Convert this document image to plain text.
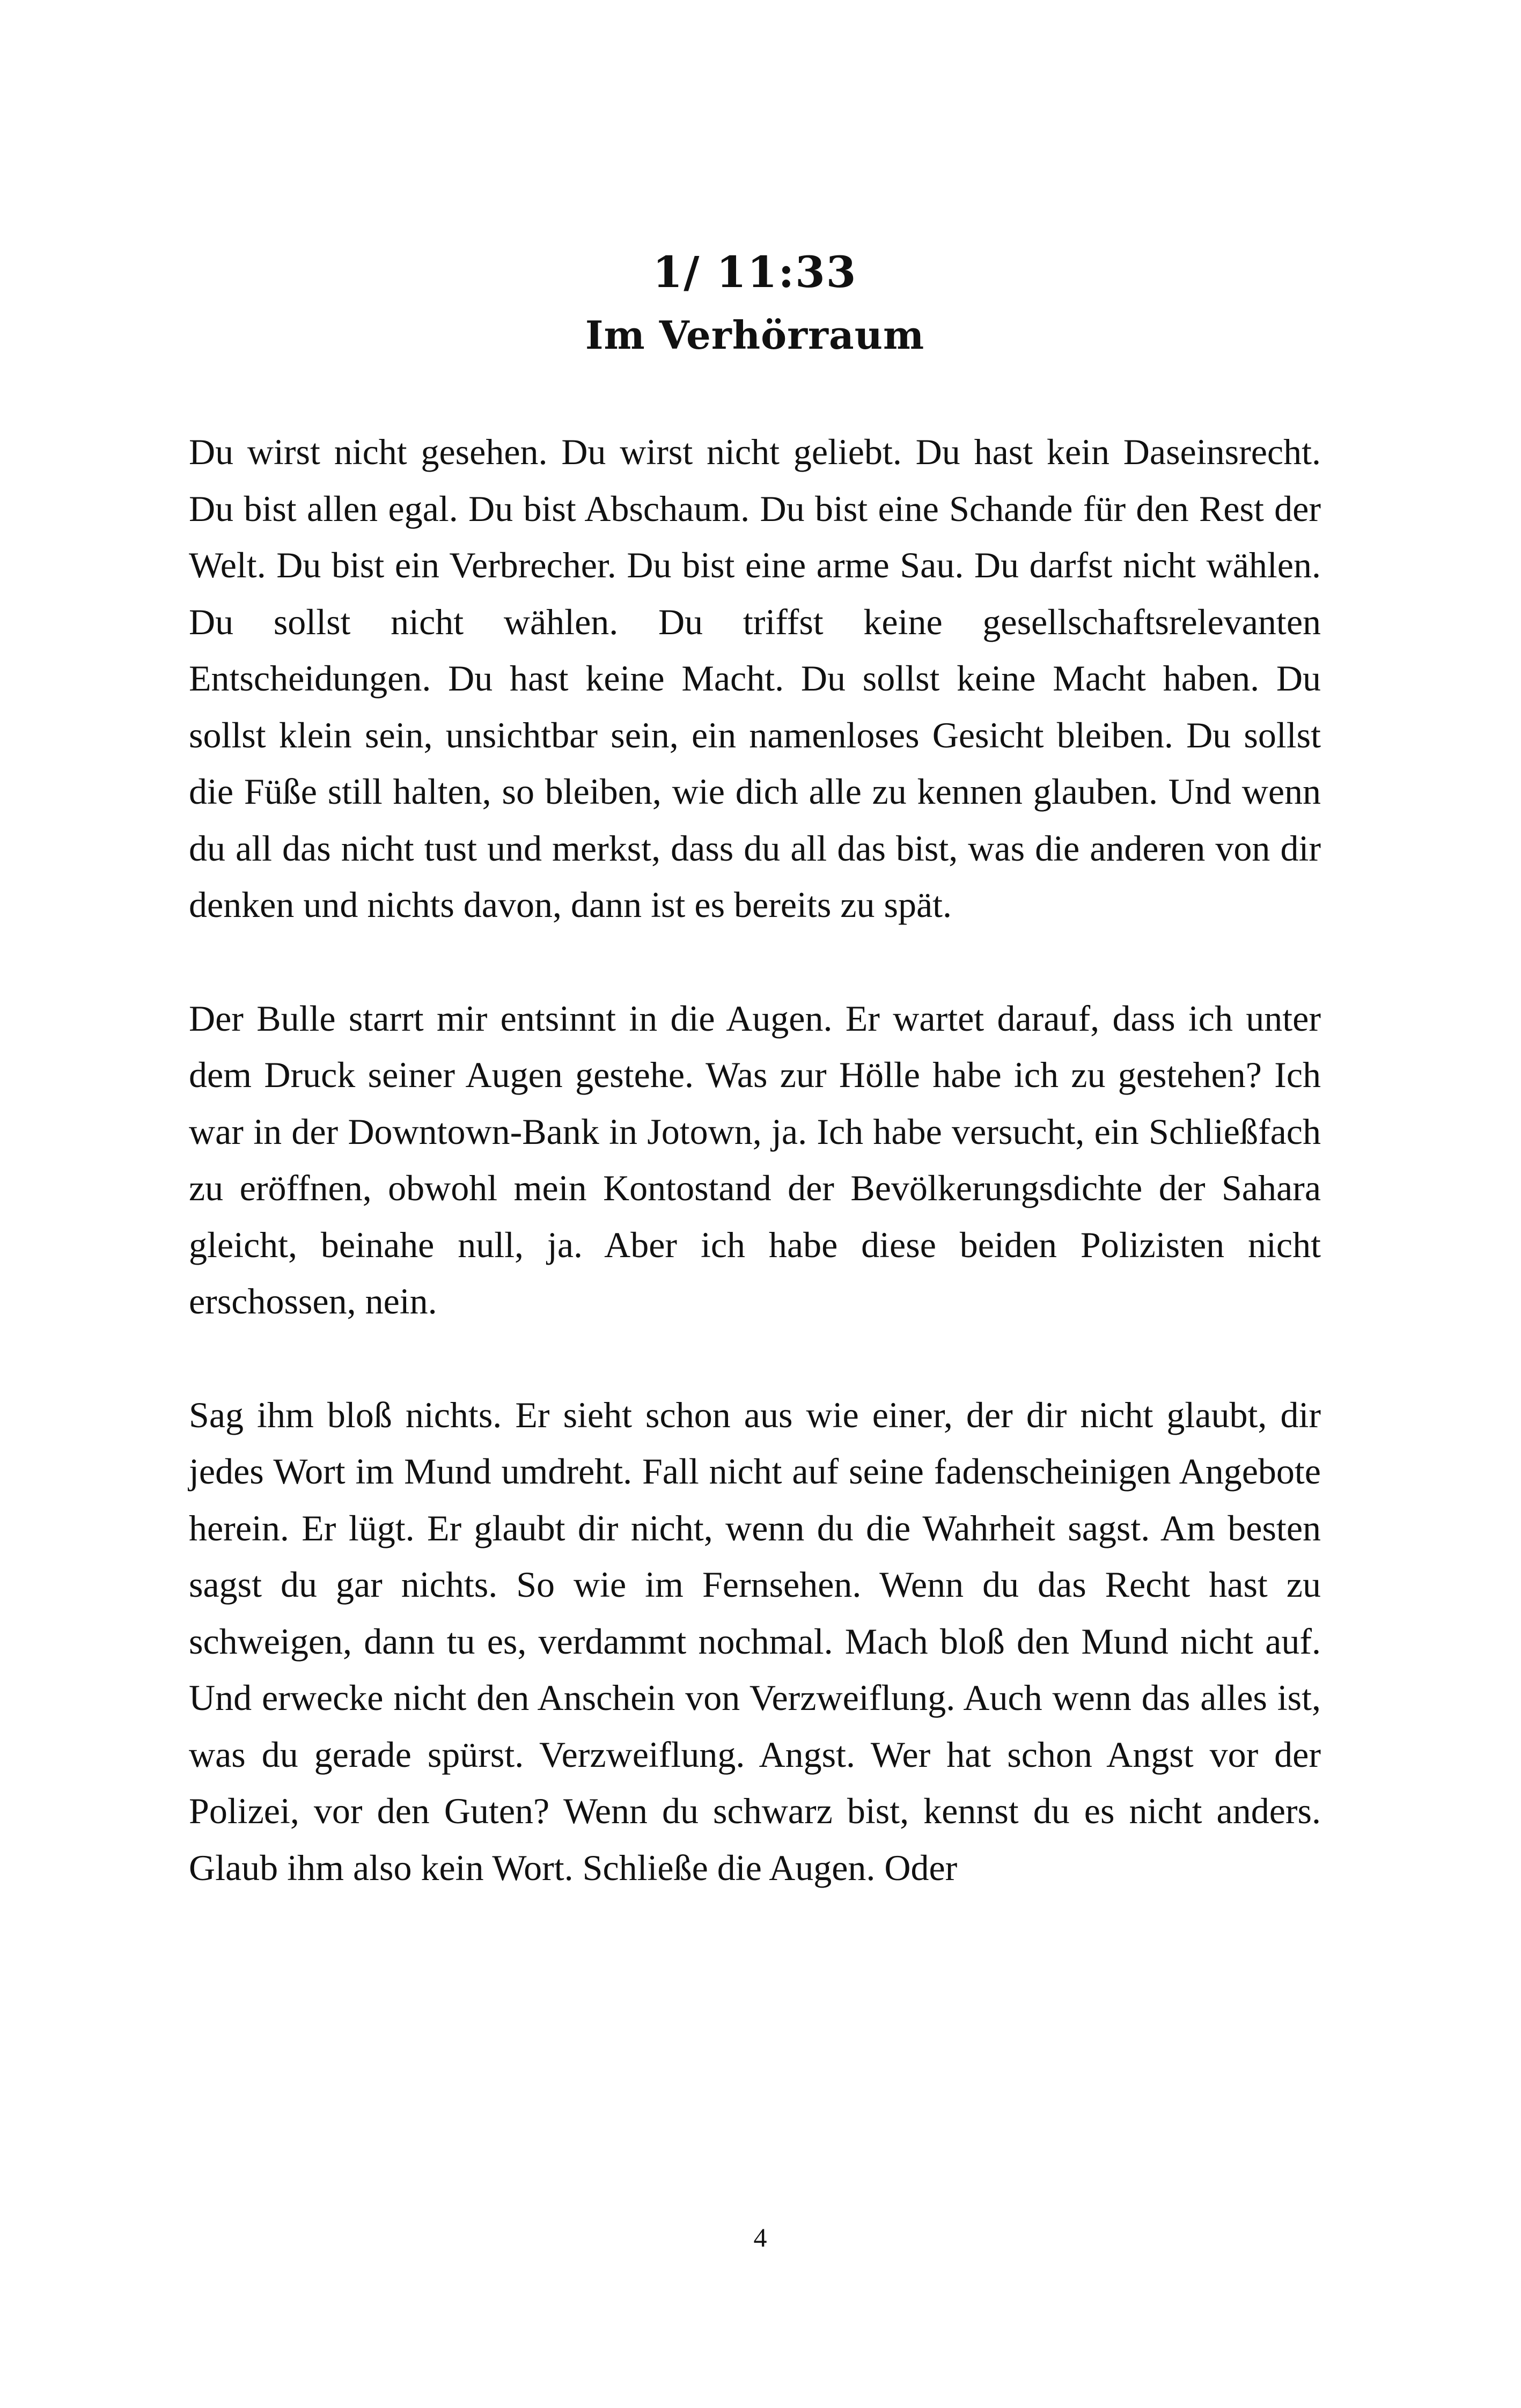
1/ 11:33
Im Verhörraum

Du wirst nicht gesehen. Du wirst nicht geliebt. Du hast kein Daseinsrecht. Du bist allen egal. Du bist Abschaum. Du bist eine Schande für den Rest der Welt. Du bist ein Verbrecher. Du bist eine arme Sau. Du darfst nicht wählen. Du sollst nicht wählen. Du triffst keine gesellschaftsrelevanten Entscheidungen. Du hast keine Macht. Du sollst keine Macht haben. Du sollst klein sein, unsichtbar sein, ein namenloses Gesicht bleiben. Du sollst die Füße still halten, so bleiben, wie dich alle zu kennen glauben. Und wenn du all das nicht tust und merkst, dass du all das bist, was die anderen von dir denken und nichts davon, dann ist es bereits zu spät.

Der Bulle starrt mir entsinnt in die Augen. Er wartet darauf, dass ich unter dem Druck seiner Augen gestehe. Was zur Hölle habe ich zu gestehen? Ich war in der Downtown-Bank in Jotown, ja. Ich habe versucht, ein Schließfach zu eröffnen, obwohl mein Kontostand der Bevölkerungsdichte der Sahara gleicht, beinahe null, ja. Aber ich habe diese beiden Polizisten nicht erschossen, nein.

Sag ihm bloß nichts. Er sieht schon aus wie einer, der dir nicht glaubt, dir jedes Wort im Mund umdreht. Fall nicht auf seine fadenscheinigen Angebote herein. Er lügt. Er glaubt dir nicht, wenn du die Wahrheit sagst. Am besten sagst du gar nichts. So wie im Fernsehen. Wenn du das Recht hast zu schweigen, dann tu es, verdammt nochmal. Mach bloß den Mund nicht auf. Und erwecke nicht den Anschein von Verzweiflung. Auch wenn das alles ist, was du gerade spürst. Verzweiflung. Angst. Wer hat schon Angst vor der Polizei, vor den Guten? Wenn du schwarz bist, kennst du es nicht anders. Glaub ihm also kein Wort. Schließe die Augen. Oder

4
